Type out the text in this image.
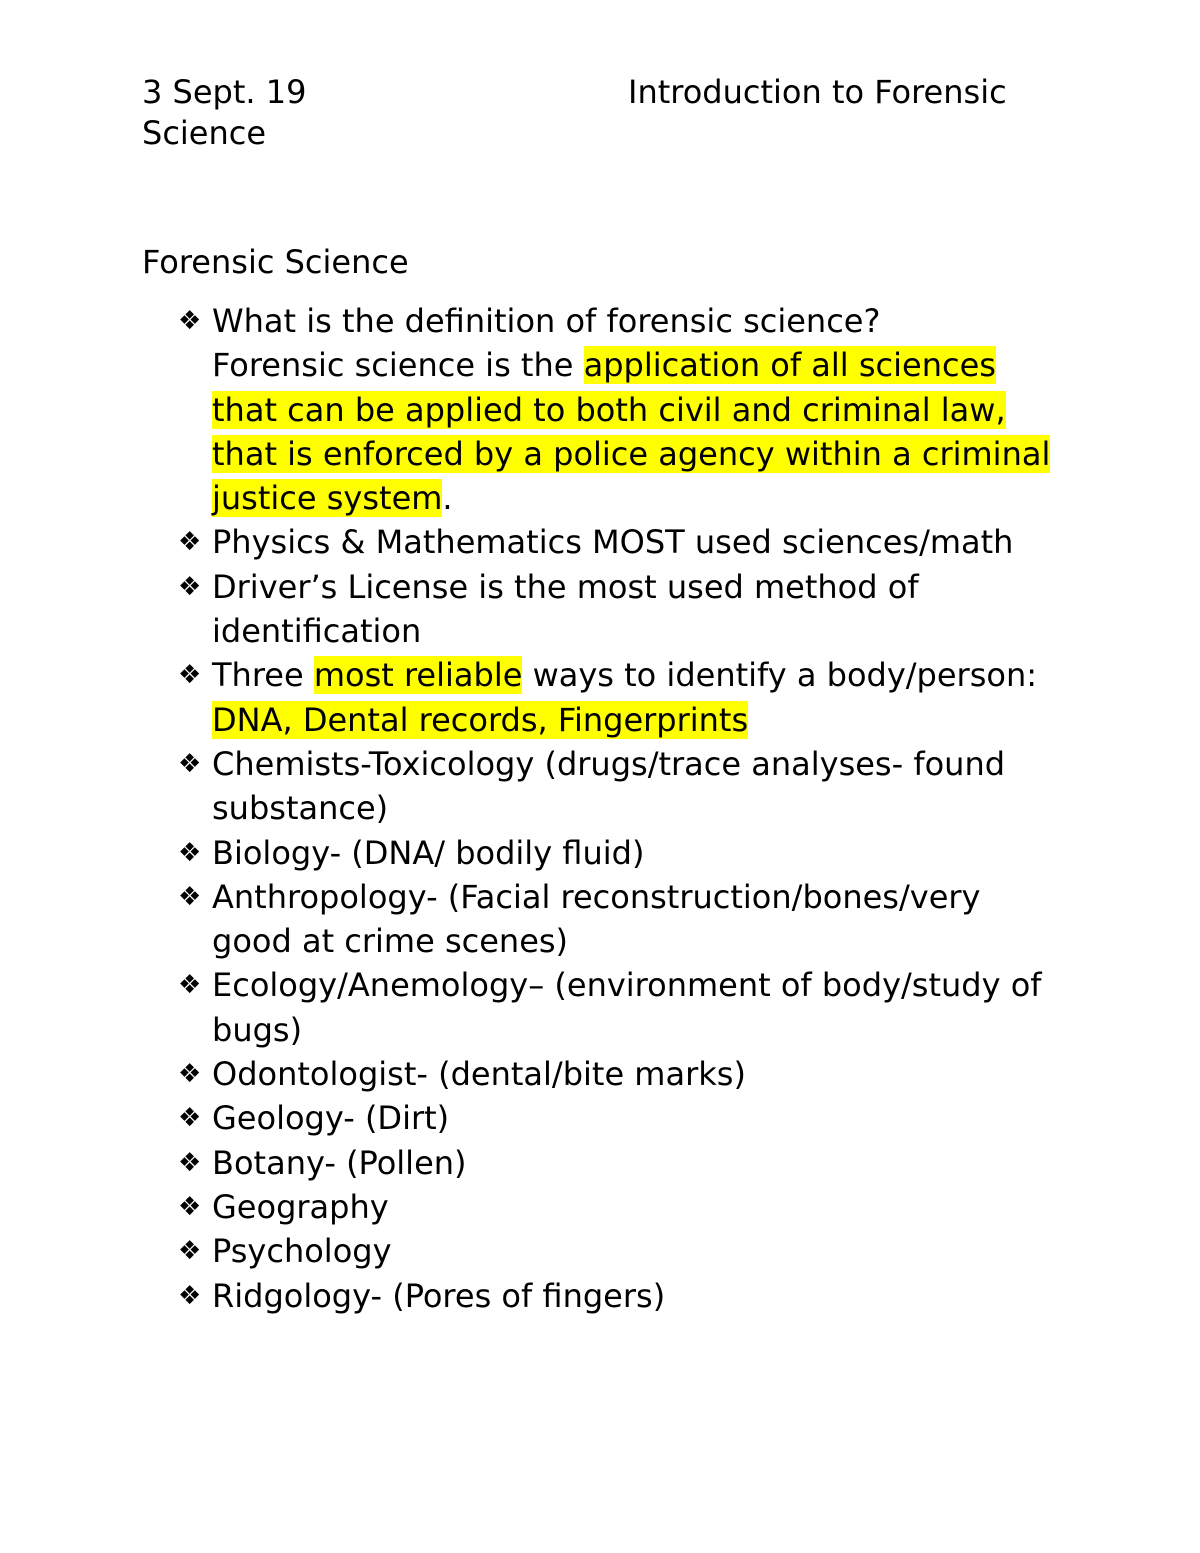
3 Sept. 19	Introduction to Forensic Science
Forensic Science
❖ What is the definition of forensic science?
Forensic science is the application of all sciences that can be applied to both civil and criminal law, that is enforced by a police agency within a criminal justice system.
❖ Physics & Mathematics MOST used sciences/math
❖ Driver’s License is the most used method of identification
❖ Three most reliable ways to identify a body/person: DNA, Dental records, Fingerprints
❖ Chemists-Toxicology (drugs/trace analyses- found substance)
❖ Biology- (DNA/ bodily fluid)
❖ Anthropology- (Facial reconstruction/bones/very good at crime scenes)
❖ Ecology/Anemology– (environment of body/study of bugs)
❖ Odontologist- (dental/bite marks)
❖ Geology- (Dirt)
❖ Botany- (Pollen)
❖ Geography
❖ Psychology
❖ Ridgology- (Pores of fingers)
